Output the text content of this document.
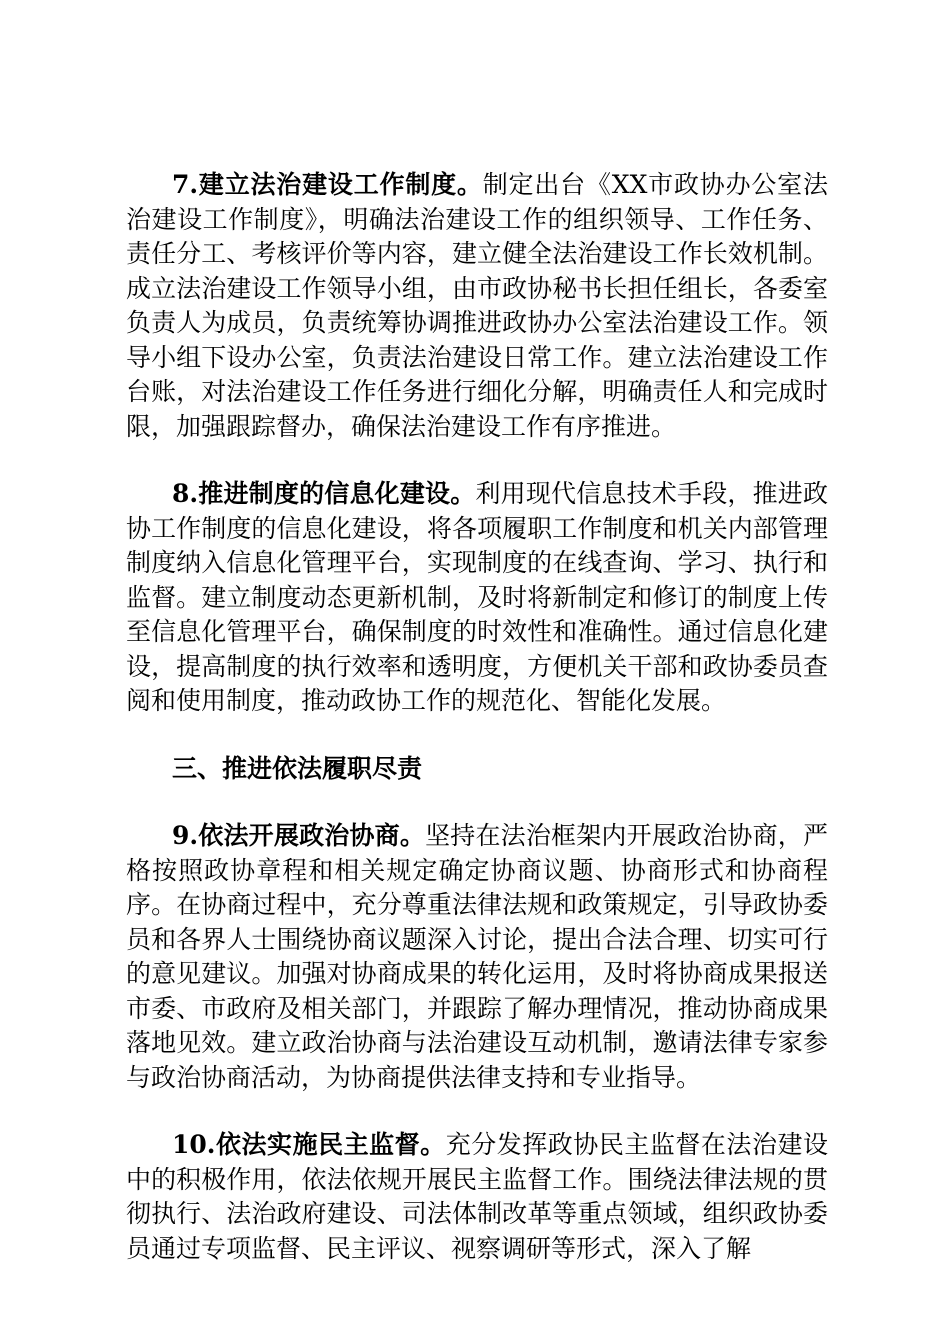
7.建立法治建设工作制度。制定出台《XX市政协办公室法治建设工作制度》，明确法治建设工作的组织领导、工作任务、责任分工、考核评价等内容，建立健全法治建设工作长效机制。成立法治建设工作领导小组，由市政协秘书长担任组长，各委室负责人为成员，负责统筹协调推进政协办公室法治建设工作。领导小组下设办公室，负责法治建设日常工作。建立法治建设工作台账，对法治建设工作任务进行细化分解，明确责任人和完成时限，加强跟踪督办，确保法治建设工作有序推进。

8.推进制度的信息化建设。利用现代信息技术手段，推进政协工作制度的信息化建设，将各项履职工作制度和机关内部管理制度纳入信息化管理平台，实现制度的在线查询、学习、执行和监督。建立制度动态更新机制，及时将新制定和修订的制度上传至信息化管理平台，确保制度的时效性和准确性。通过信息化建设，提高制度的执行效率和透明度，方便机关干部和政协委员查阅和使用制度，推动政协工作的规范化、智能化发展。

三、推进依法履职尽责

9.依法开展政治协商。坚持在法治框架内开展政治协商，严格按照政协章程和相关规定确定协商议题、协商形式和协商程序。在协商过程中，充分尊重法律法规和政策规定，引导政协委员和各界人士围绕协商议题深入讨论，提出合法合理、切实可行的意见建议。加强对协商成果的转化运用，及时将协商成果报送市委、市政府及相关部门，并跟踪了解办理情况，推动协商成果落地见效。建立政治协商与法治建设互动机制，邀请法律专家参与政治协商活动，为协商提供法律支持和专业指导。

10.依法实施民主监督。充分发挥政协民主监督在法治建设中的积极作用，依法依规开展民主监督工作。围绕法律法规的贯彻执行、法治政府建设、司法体制改革等重点领域，组织政协委员通过专项监督、民主评议、视察调研等形式，深入了解
